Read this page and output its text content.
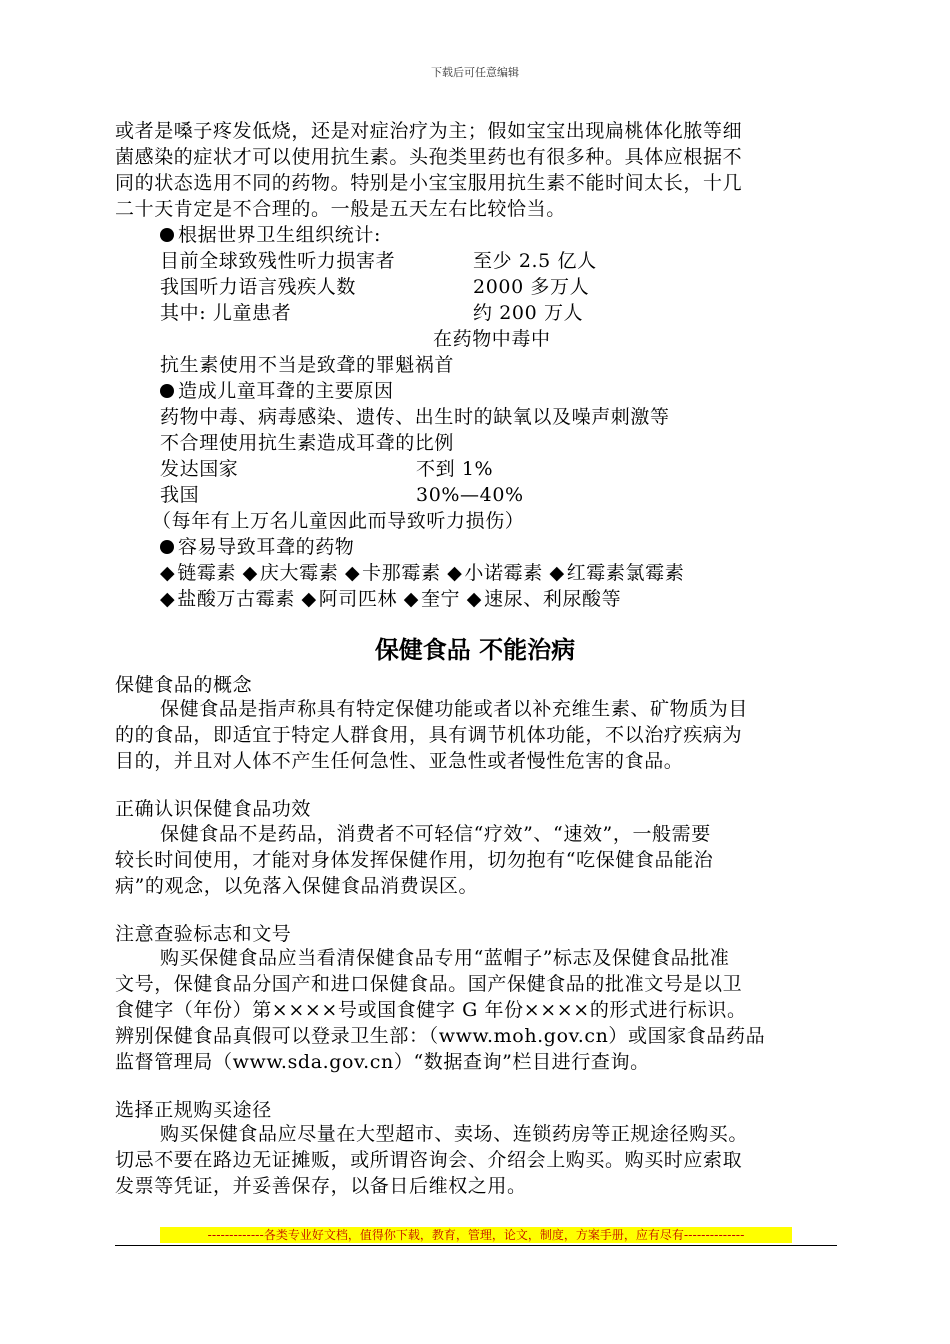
下载后可任意编辑
或者是嗓子疼发低烧，还是对症治疗为主；假如宝宝出现扁桃体化脓等细
菌感染的症状才可以使用抗生素。头孢类里药也有很多种。具体应根据不
同的状态选用不同的药物。特别是小宝宝服用抗生素不能时间太长，十几
二十天肯定是不合理的。一般是五天左右比较恰当。
根据世界卫生组织统计:
目前全球致残性听力损害者	至少 2.5 亿人
我国听力语言残疾人数	2000 多万人
其中: 儿童患者	约 200 万人
在药物中毒中
抗生素使用不当是致聋的罪魁祸首
造成儿童耳聋的主要原因
药物中毒、病毒感染、遗传、出生时的缺氧以及噪声刺激等
不合理使用抗生素造成耳聋的比例
发达国家	不到 1%
我国	30%—40%
（每年有上万名儿童因此而导致听力损伤）
容易导致耳聋的药物
◆ 链霉素 ◆ 庆大霉素 ◆ 卡那霉素 ◆ 小诺霉素 ◆ 红霉素氯霉素
◆ 盐酸万古霉素 ◆ 阿司匹林 ◆ 奎宁 ◆ 速尿、利尿酸等
保健食品 不能治病
保健食品的概念
保健食品是指声称具有特定保健功能或者以补充维生素、矿物质为目
的的食品，即适宜于特定人群食用，具有调节机体功能，不以治疗疾病为
目的，并且对人体不产生任何急性、亚急性或者慢性危害的食品。
正确认识保健食品功效
保健食品不是药品，消费者不可轻信“疗效”、“速效”，一般需要
较长时间使用，才能对身体发挥保健作用，切勿抱有“吃保健食品能治
病”的观念，以免落入保健食品消费误区。
注意查验标志和文号
购买保健食品应当看清保健食品专用“蓝帽子”标志及保健食品批准
文号，保健食品分国产和进口保健食品。国产保健食品的批准文号是以卫
食健字（年份）第××××号或国食健字 G 年份××××的形式进行标识。
辨别保健食品真假可以登录卫生部：（www.moh.gov.cn）或国家食品药品
监督管理局（www.sda.gov.cn）“数据查询”栏目进行查询。
选择正规购买途径
购买保健食品应尽量在大型超市、卖场、连锁药房等正规途径购买。
切忌不要在路边无证摊贩，或所谓咨询会、介绍会上购买。购买时应索取
发票等凭证，并妥善保存，以备日后维权之用。
-------------各类专业好文档，值得你下载，教育，管理，论文，制度，方案手册，应有尽有--------------
